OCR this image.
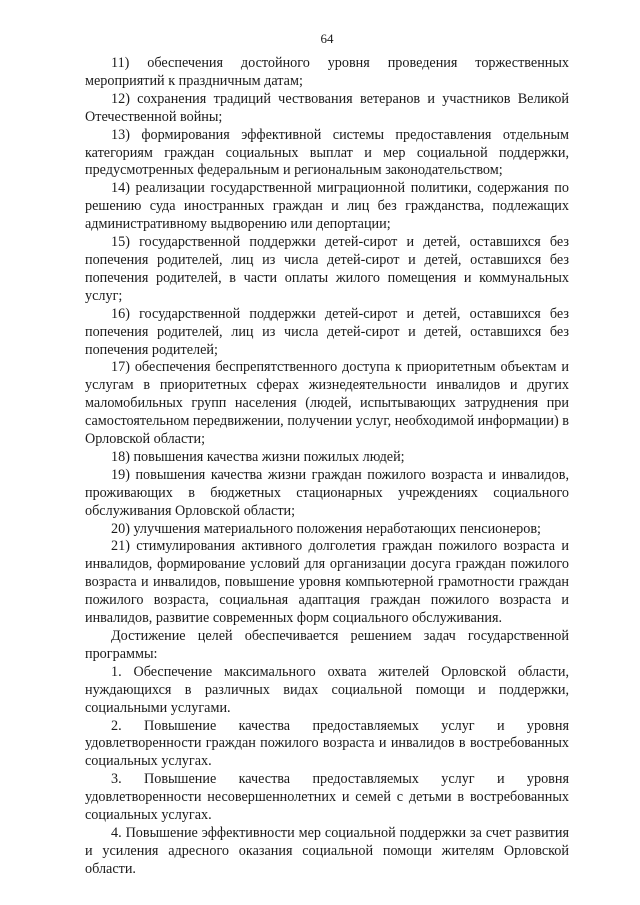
64

11) обеспечения достойного уровня проведения торжественных мероприятий к праздничным датам;

12) сохранения традиций чествования ветеранов и участников Великой Отечественной войны;

13) формирования эффективной системы предоставления отдельным категориям граждан социальных выплат и мер социальной поддержки, предусмотренных федеральным и региональным законодательством;

14) реализации государственной миграционной политики, содержания по решению суда иностранных граждан и лиц без гражданства, подлежащих административному выдворению или депортации;

15) государственной поддержки детей-сирот и детей, оставшихся без попечения родителей, лиц из числа детей-сирот и детей, оставшихся без попечения родителей, в части оплаты жилого помещения и коммунальных услуг;

16) государственной поддержки детей-сирот и детей, оставшихся без попечения родителей, лиц из числа детей-сирот и детей, оставшихся без попечения родителей;

17) обеспечения беспрепятственного доступа к приоритетным объектам и услугам в приоритетных сферах жизнедеятельности инвалидов и других маломобильных групп населения (людей, испытывающих затруднения при самостоятельном передвижении, получении услуг, необходимой информации) в Орловской области;

18) повышения качества жизни пожилых людей;

19) повышения качества жизни граждан пожилого возраста и инвалидов, проживающих в бюджетных стационарных учреждениях социального обслуживания Орловской области;

20) улучшения материального положения неработающих пенсионеров;

21) стимулирования активного долголетия граждан пожилого возраста и инвалидов, формирование условий для организации досуга граждан пожилого возраста и инвалидов, повышение уровня компьютерной грамотности граждан пожилого возраста, социальная адаптация граждан пожилого возраста и инвалидов, развитие современных форм социального обслуживания.

Достижение целей обеспечивается решением задач государственной программы:

1. Обеспечение максимального охвата жителей Орловской области, нуждающихся в различных видах социальной помощи и поддержки, социальными услугами.

2. Повышение качества предоставляемых услуг и уровня удовлетворенности граждан пожилого возраста и инвалидов в востребованных социальных услугах.

3. Повышение качества предоставляемых услуг и уровня удовлетворенности несовершеннолетних и семей с детьми в востребованных социальных услугах.

4. Повышение эффективности мер социальной поддержки за счет развития и усиления адресного оказания социальной помощи жителям Орловской области.
